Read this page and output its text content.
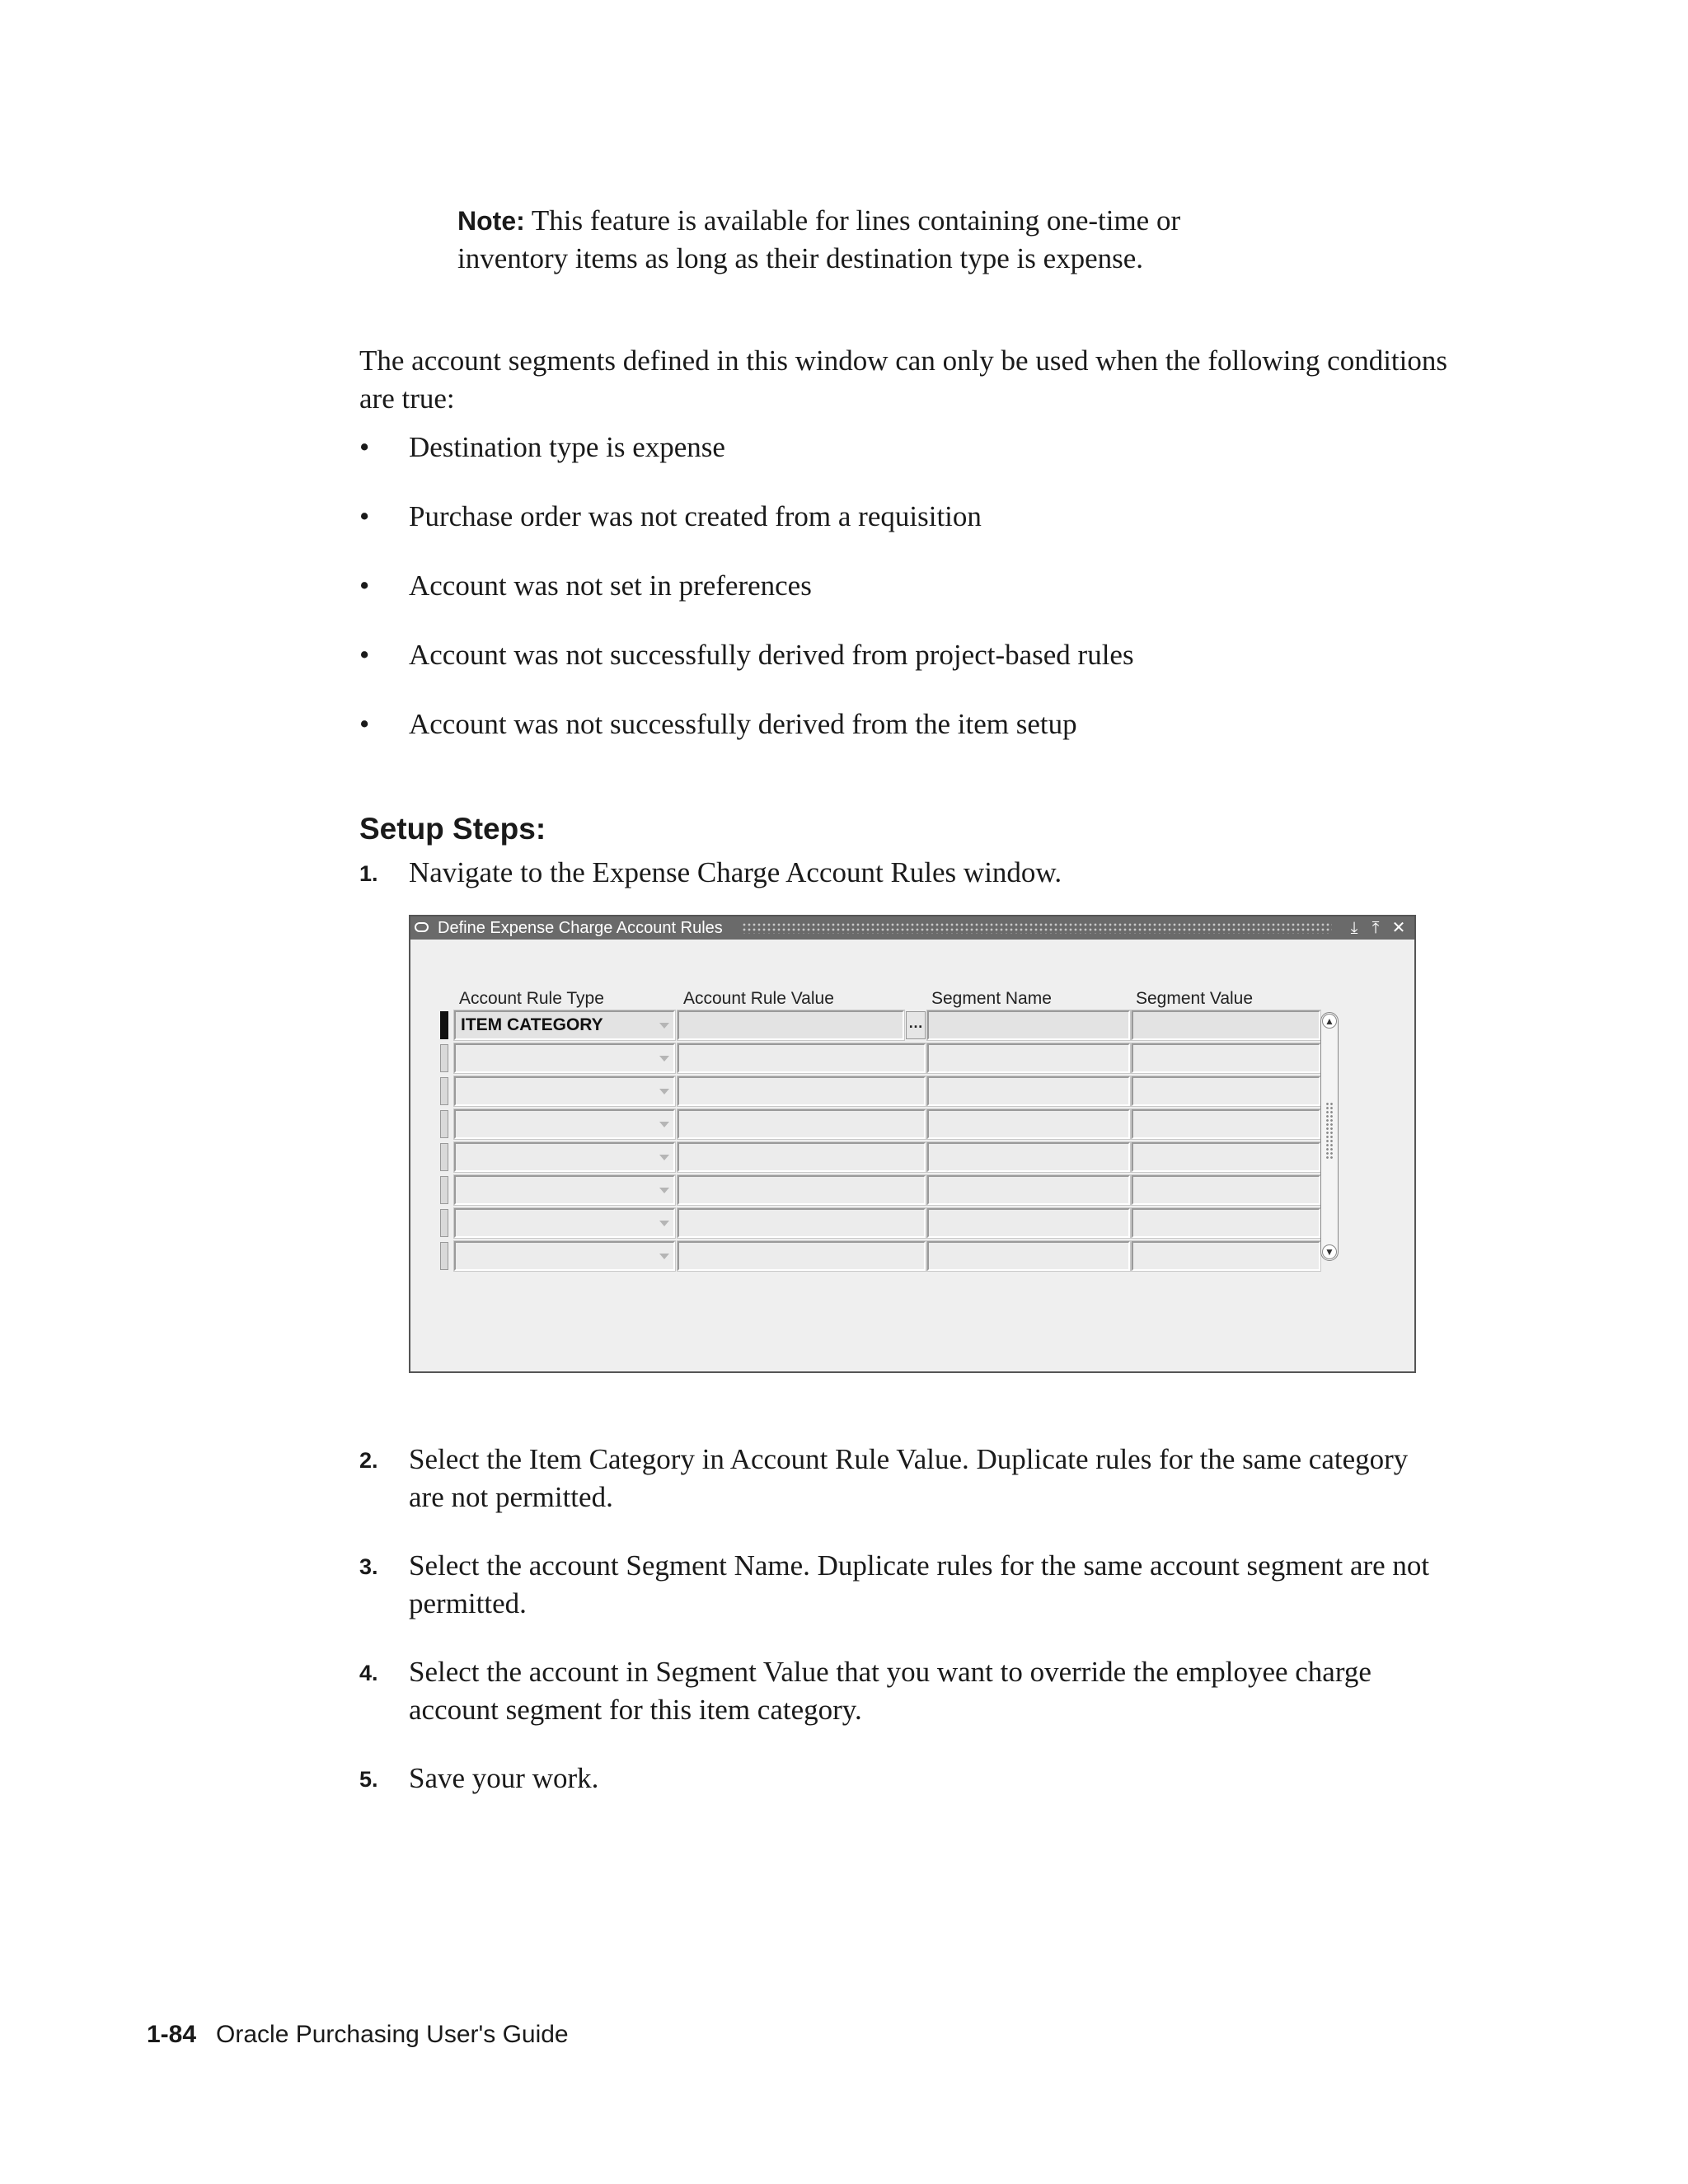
Note: This feature is available for lines containing one-time or inventory items as long as their destination type is expense.
The account segments defined in this window can only be used when the following conditions are true:
• Destination type is expense
• Purchase order was not created from a requisition
• Account was not set in preferences
• Account was not successfully derived from project-based rules
• Account was not successfully derived from the item setup
Setup Steps:
1. Navigate to the Expense Charge Account Rules window.
Define Expense Charge Account Rules	⤓ ⤒ ✕
Account Rule Type	Account Rule Value	Segment Name	Segment Value
ITEM CATEGORY	…	▲
▼
2. Select the Item Category in Account Rule Value. Duplicate rules for the same category are not permitted.
3. Select the account Segment Name. Duplicate rules for the same account segment are not permitted.
4. Select the account in Segment Value that you want to override the employee charge account segment for this item category.
5. Save your work.
1-84 Oracle Purchasing User's Guide
